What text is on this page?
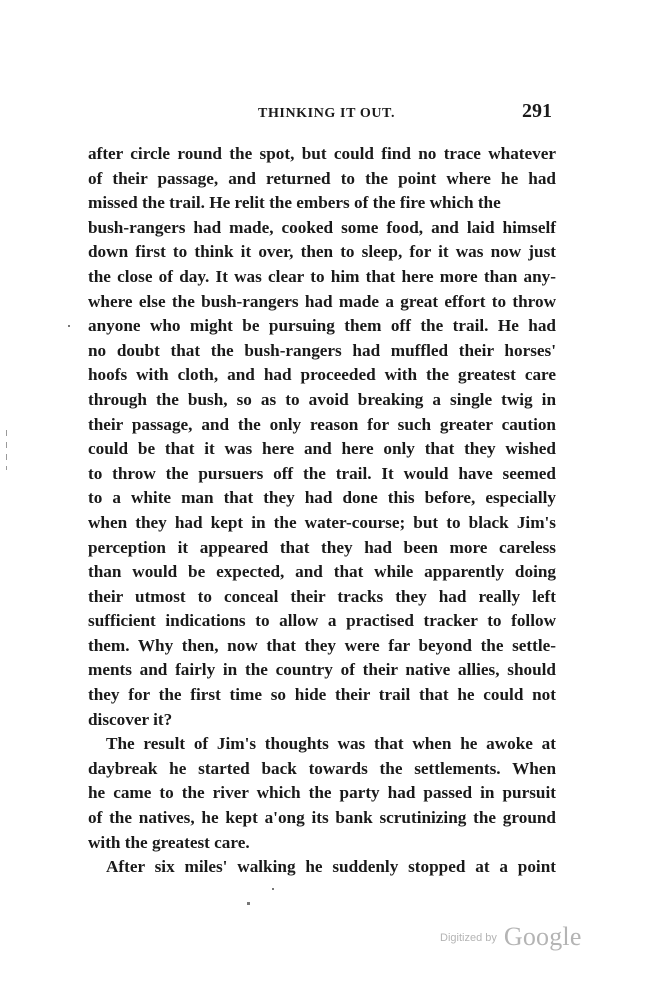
THINKING IT OUT.	291
after circle round the spot, but could find no trace whatever
of their passage, and returned to the point where he had
missed the trail. He relit the embers of the fire which the
bush-rangers had made, cooked some food, and laid himself
down first to think it over, then to sleep, for it was now just
the close of day. It was clear to him that here more than any-
where else the bush-rangers had made a great effort to throw
anyone who might be pursuing them off the trail. He had
no doubt that the bush-rangers had muffled their horses'
hoofs with cloth, and had proceeded with the greatest care
through the bush, so as to avoid breaking a single twig in
their passage, and the only reason for such greater caution
could be that it was here and here only that they wished
to throw the pursuers off the trail. It would have seemed
to a white man that they had done this before, especially
when they had kept in the water-course; but to black Jim's
perception it appeared that they had been more careless
than would be expected, and that while apparently doing
their utmost to conceal their tracks they had really left
sufficient indications to allow a practised tracker to follow
them. Why then, now that they were far beyond the settle-
ments and fairly in the country of their native allies, should
they for the first time so hide their trail that he could not
discover it?
The result of Jim's thoughts was that when he awoke at
daybreak he started back towards the settlements. When
he came to the river which the party had passed in pursuit
of the natives, he kept a'ong its bank scrutinizing the ground
with the greatest care.
After six miles' walking he suddenly stopped at a point
$^{Digitized by}$ Google
